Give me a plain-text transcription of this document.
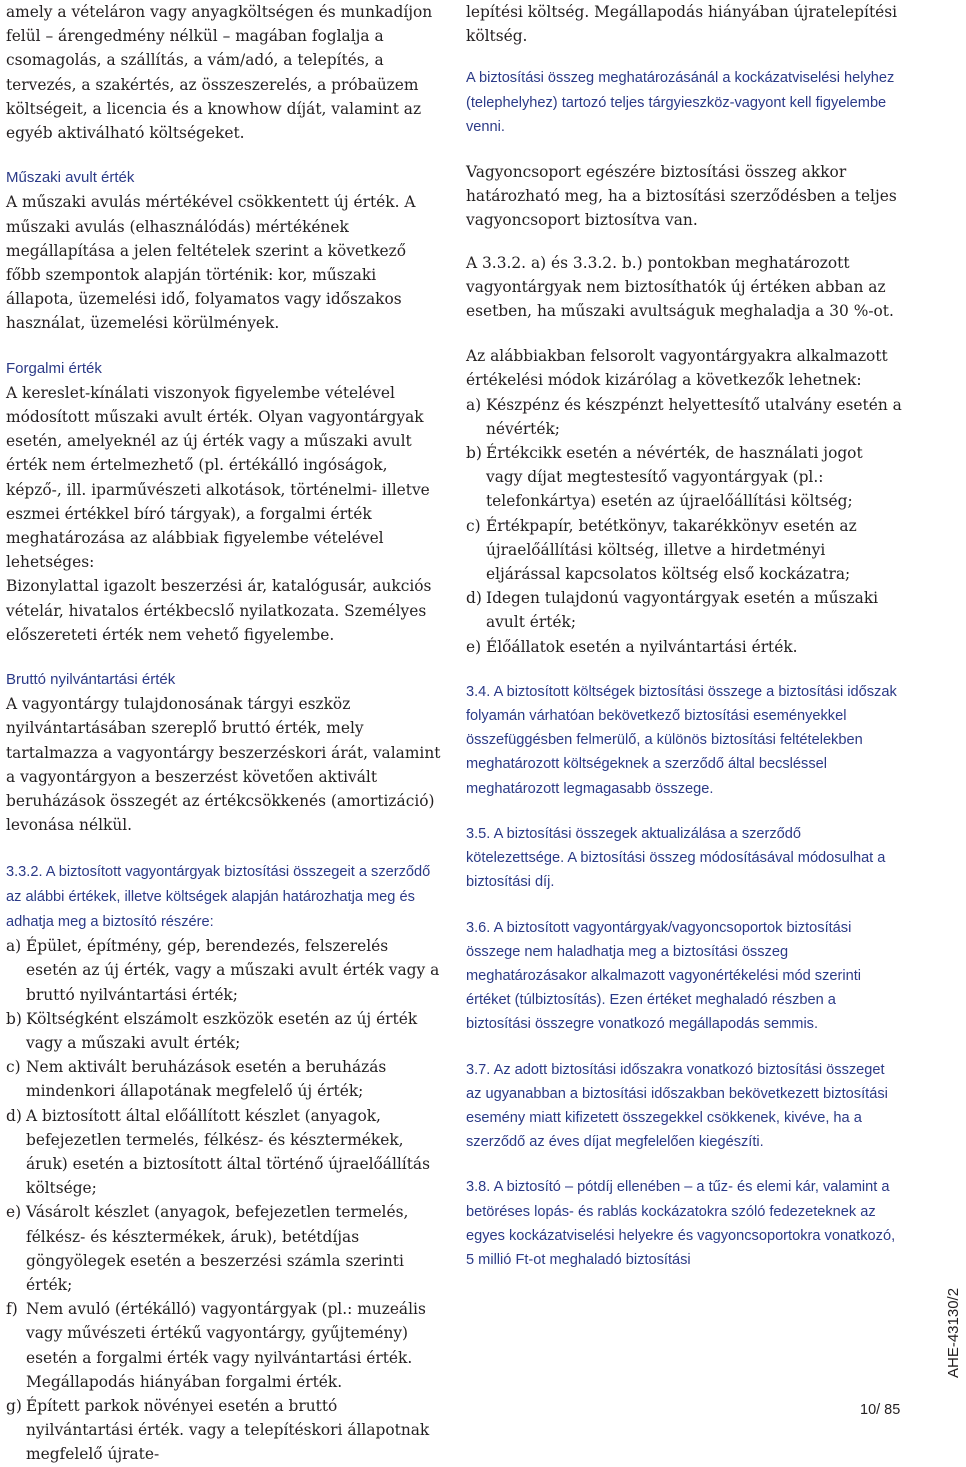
amely a vételáron vagy anyagköltségen és munkadíjon felül – árengedmény nélkül – magában foglalja a csomagolás, a szállítás, a vám/adó, a telepítés, a tervezés, a szakértés, az összeszerelés, a próbaüzem költségeit, a licencia és a knowhow díját, valamint az egyéb aktiválható költségeket.

Műszaki avult érték

A műszaki avulás mértékével csökkentett új érték. A műszaki avulás (elhasználódás) mértékének megállapítása a jelen feltételek szerint a következő főbb szempontok alapján történik: kor, műszaki állapota, üzemelési idő, folyamatos vagy időszakos használat, üzemelési körülmények.

Forgalmi érték

A kereslet-kínálati viszonyok figyelembe vételével módosított műszaki avult érték. Olyan vagyontárgyak esetén, amelyeknél az új érték vagy a műszaki avult érték nem értelmezhető (pl. értékálló ingóságok, képző-, ill. iparművészeti alkotások, történelmi- illetve eszmei értékkel bíró tárgyak), a forgalmi érték meghatározása az alábbiak figyelembe vételével lehetséges:

Bizonylattal igazolt beszerzési ár, katalógusár, aukciós vételár, hivatalos értékbecslő nyilatkozata. Személyes előszereteti érték nem vehető figyelembe.

Bruttó nyilvántartási érték

A vagyontárgy tulajdonosának tárgyi eszköz nyilvántartásában szereplő bruttó érték, mely tartalmazza a vagyontárgy beszerzéskori árát, valamint a vagyontárgyon a beszerzést követően aktivált beruházások összegét az értékcsökkenés (amortizáció) levonása nélkül.

3.3.2. A biztosított vagyontárgyak biztosítási összegeit a szerződő az alábbi értékek, illetve költségek alapján határozhatja meg és adhatja meg a biztosító részére:

a) Épület, építmény, gép, berendezés, felszerelés esetén az új érték, vagy a műszaki avult érték vagy a bruttó nyilvántartási érték;
b) Költségként elszámolt eszközök esetén az új érték vagy a műszaki avult érték;
c) Nem aktivált beruházások esetén a beruházás mindenkori állapotának megfelelő új érték;
d) A biztosított által előállított készlet (anyagok, befejezetlen termelés, félkész- és késztermékek, áruk) esetén a biztosított által történő újraelőállítás költsége;
e) Vásárolt készlet (anyagok, befejezetlen termelés, félkész- és késztermékek, áruk), betétdíjas göngyölegek esetén a beszerzési számla szerinti érték;
f) Nem avuló (értékálló) vagyontárgyak (pl.: muzeális vagy művészeti értékű vagyontárgy, gyűjtemény) esetén a forgalmi érték vagy nyilvántartási érték. Megállapodás hiányában forgalmi érték.
g) Épített parkok növényei esetén a bruttó nyilvántartási érték. vagy a telepítéskori állapotnak megfelelő újrate-

lepítési költség. Megállapodás hiányában újratelepítési költség.

A biztosítási összeg meghatározásánál a kockázatviselési helyhez (telephelyhez) tartozó teljes tárgyieszköz-vagyont kell figyelembe venni.

Vagyoncsoport egészére biztosítási összeg akkor határozható meg, ha a biztosítási szerződésben a teljes vagyoncsoport biztosítva van.

A 3.3.2. a) és 3.3.2. b.) pontokban meghatározott vagyontárgyak nem biztosíthatók új értéken abban az esetben, ha műszaki avultságuk meghaladja a 30 %-ot.

Az alábbiakban felsorolt vagyontárgyakra alkalmazott értékelési módok kizárólag a következők lehetnek:

a) Készpénz és készpénzt helyettesítő utalvány esetén a névérték;
b) Értékcikk esetén a névérték, de használati jogot vagy díjat megtestesítő vagyontárgyak (pl.: telefonkártya) esetén az újraelőállítási költség;
c) Értékpapír, betétkönyv, takarékkönyv esetén az újraelőállítási költség, illetve a hirdetményi eljárással kapcsolatos költség első kockázatra;
d) Idegen tulajdonú vagyontárgyak esetén a műszaki avult érték;
e) Élőállatok esetén a nyilvántartási érték.

3.4. A biztosított költségek biztosítási összege a biztosítási időszak folyamán várhatóan bekövetkező biztosítási eseményekkel összefüggésben felmerülő, a különös biztosítási feltételekben meghatározott költségeknek a szerződő által becsléssel meghatározott legmagasabb összege.

3.5. A biztosítási összegek aktualizálása a szerződő kötelezettsége. A biztosítási összeg módosításával módosulhat a biztosítási díj.

3.6. A biztosított vagyontárgyak/vagyoncsoportok biztosítási összege nem haladhatja meg a biztosítási összeg meghatározásakor alkalmazott vagyonértékelési mód szerinti értéket (túlbiztosítás). Ezen értéket meghaladó részben a biztosítási összegre vonatkozó megállapodás semmis.

3.7. Az adott biztosítási időszakra vonatkozó biztosítási összeget az ugyanabban a biztosítási időszakban bekövetkezett biztosítási esemény miatt kifizetett összegekkel csökkenek, kivéve, ha a szerződő az éves díjat megfelelően kiegészíti.

3.8. A biztosító – pótdíj ellenében – a tűz- és elemi kár, valamint a betöréses lopás- és rablás kockázatokra szóló fedezeteknek az egyes kockázatviselési helyekre és vagyoncsoportokra vonatkozó, 5 millió Ft-ot meghaladó biztosítási

AHE-43130/2
10/ 85
